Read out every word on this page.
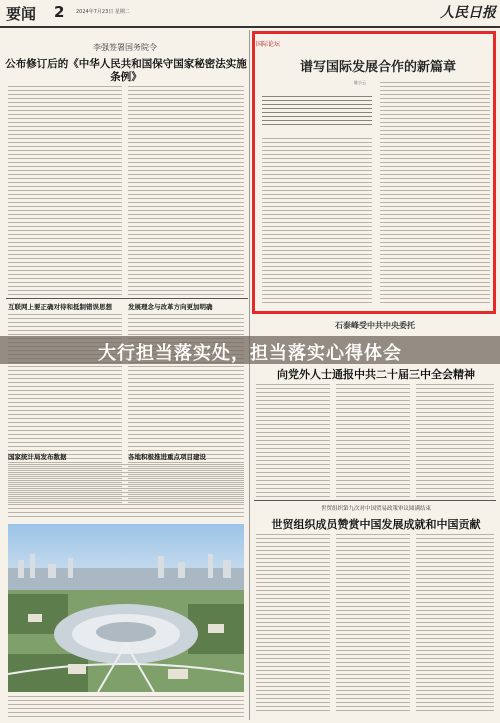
要闻 2 2024年7月23日 星期二	人民日报
李强签署国务院令
公布修订后的《中华人民共和国保守国家秘密法实施条例》
国际论坛
谱写国际发展合作的新篇章
陈小云
互联网上要正确对待和抵制错误思想	发展理念与改革方向更加明确
国家统计局发布数据	各地积极推进重点项目建设
石泰峰受中共中央委托
向党外人士通报中共二十届三中全会精神
世贸组织第九次对中国贸易政策审议圆满结束
世贸组织成员赞赏中国发展成就和中国贡献
大行担当落实处，担当落实心得体会
